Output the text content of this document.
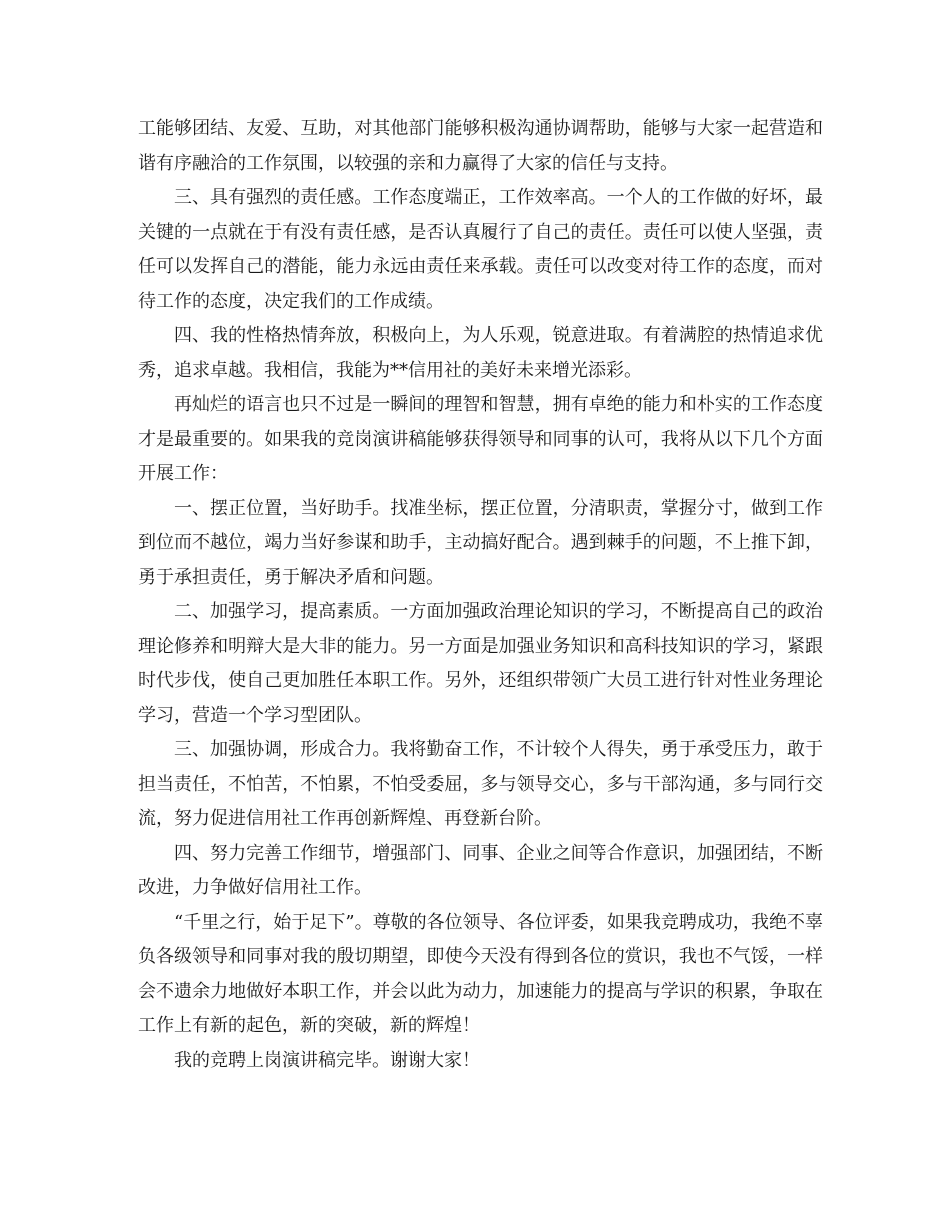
工能够团结、友爱、互助，对其他部门能够积极沟通协调帮助，能够与大家一起营造和谐有序融洽的工作氛围，以较强的亲和力赢得了大家的信任与支持。

三、具有强烈的责任感。工作态度端正，工作效率高。一个人的工作做的好坏，最关键的一点就在于有没有责任感，是否认真履行了自己的责任。责任可以使人坚强，责任可以发挥自己的潜能，能力永远由责任来承载。责任可以改变对待工作的态度，而对待工作的态度，决定我们的工作成绩。

四、我的性格热情奔放，积极向上，为人乐观，锐意进取。有着满腔的热情追求优秀，追求卓越。我相信，我能为**信用社的美好未来增光添彩。

再灿烂的语言也只不过是一瞬间的理智和智慧，拥有卓绝的能力和朴实的工作态度才是最重要的。如果我的竞岗演讲稿能够获得领导和同事的认可，我将从以下几个方面开展工作：

一、摆正位置，当好助手。找准坐标，摆正位置，分清职责，掌握分寸，做到工作到位而不越位，竭力当好参谋和助手，主动搞好配合。遇到棘手的问题，不上推下卸，勇于承担责任，勇于解决矛盾和问题。

二、加强学习，提高素质。一方面加强政治理论知识的学习，不断提高自己的政治理论修养和明辩大是大非的能力。另一方面是加强业务知识和高科技知识的学习，紧跟时代步伐，使自己更加胜任本职工作。另外，还组织带领广大员工进行针对性业务理论学习，营造一个学习型团队。

三、加强协调，形成合力。我将勤奋工作，不计较个人得失，勇于承受压力，敢于担当责任，不怕苦，不怕累，不怕受委屈，多与领导交心，多与干部沟通，多与同行交流，努力促进信用社工作再创新辉煌、再登新台阶。

四、努力完善工作细节，增强部门、同事、企业之间等合作意识，加强团结，不断改进，力争做好信用社工作。

“千里之行，始于足下”。尊敬的各位领导、各位评委，如果我竞聘成功，我绝不辜负各级领导和同事对我的殷切期望，即使今天没有得到各位的赏识，我也不气馁，一样会不遗余力地做好本职工作，并会以此为动力，加速能力的提高与学识的积累，争取在工作上有新的起色，新的突破，新的辉煌！

我的竞聘上岗演讲稿完毕。谢谢大家！
